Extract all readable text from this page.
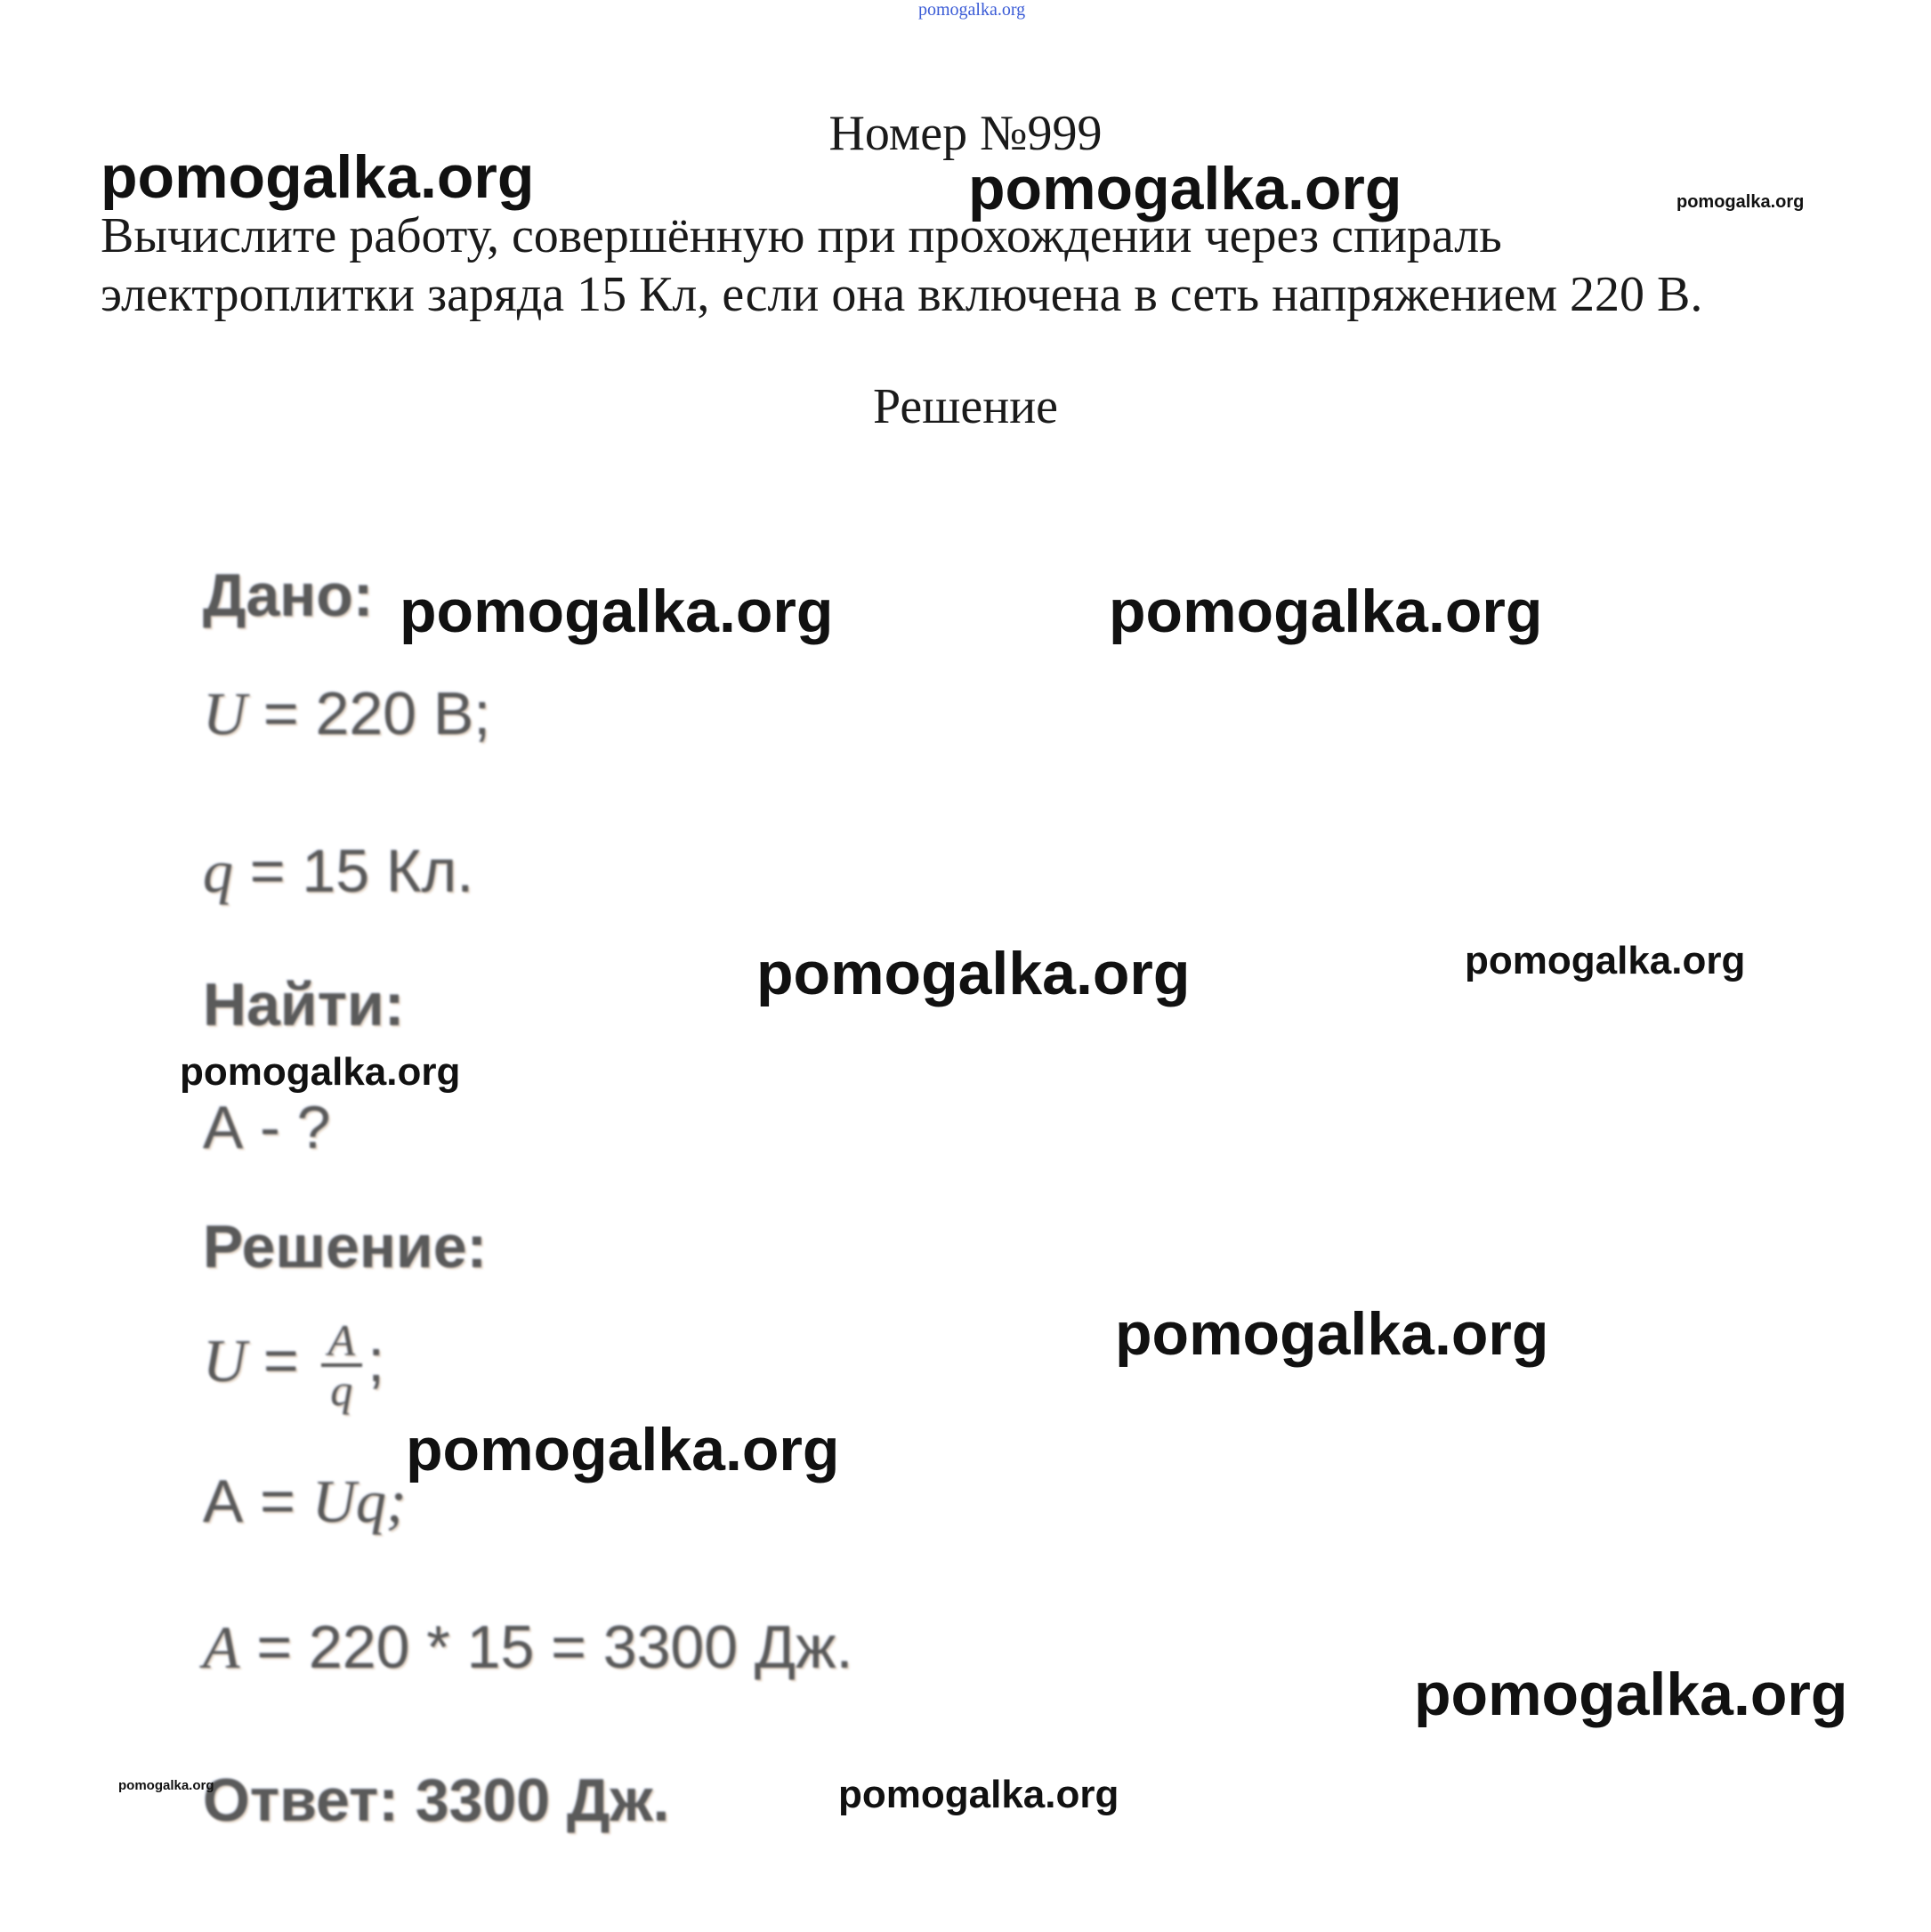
pomogalka.org
Номер №999
Вычислите работу, совершённую при прохождении через спираль
электроплитки заряда 15 Кл, если она включена в сеть напряжением 220 В.
Решение
Дано:
U = 220 В;
q = 15 Кл.
Найти:
А - ?
Решение:
$U = \frac{A}{q}$ ;
А = Uq;
A = 220 * 15 = 3300 Дж.
Ответ: 3300 Дж.
pomogalka.org	pomogalka.org	pomogalka.org
pomogalka.org	pomogalka.org
pomogalka.org	pomogalka.org
pomogalka.org
pomogalka.org
pomogalka.org
pomogalka.org
pomogalka.org	pomogalka.org
